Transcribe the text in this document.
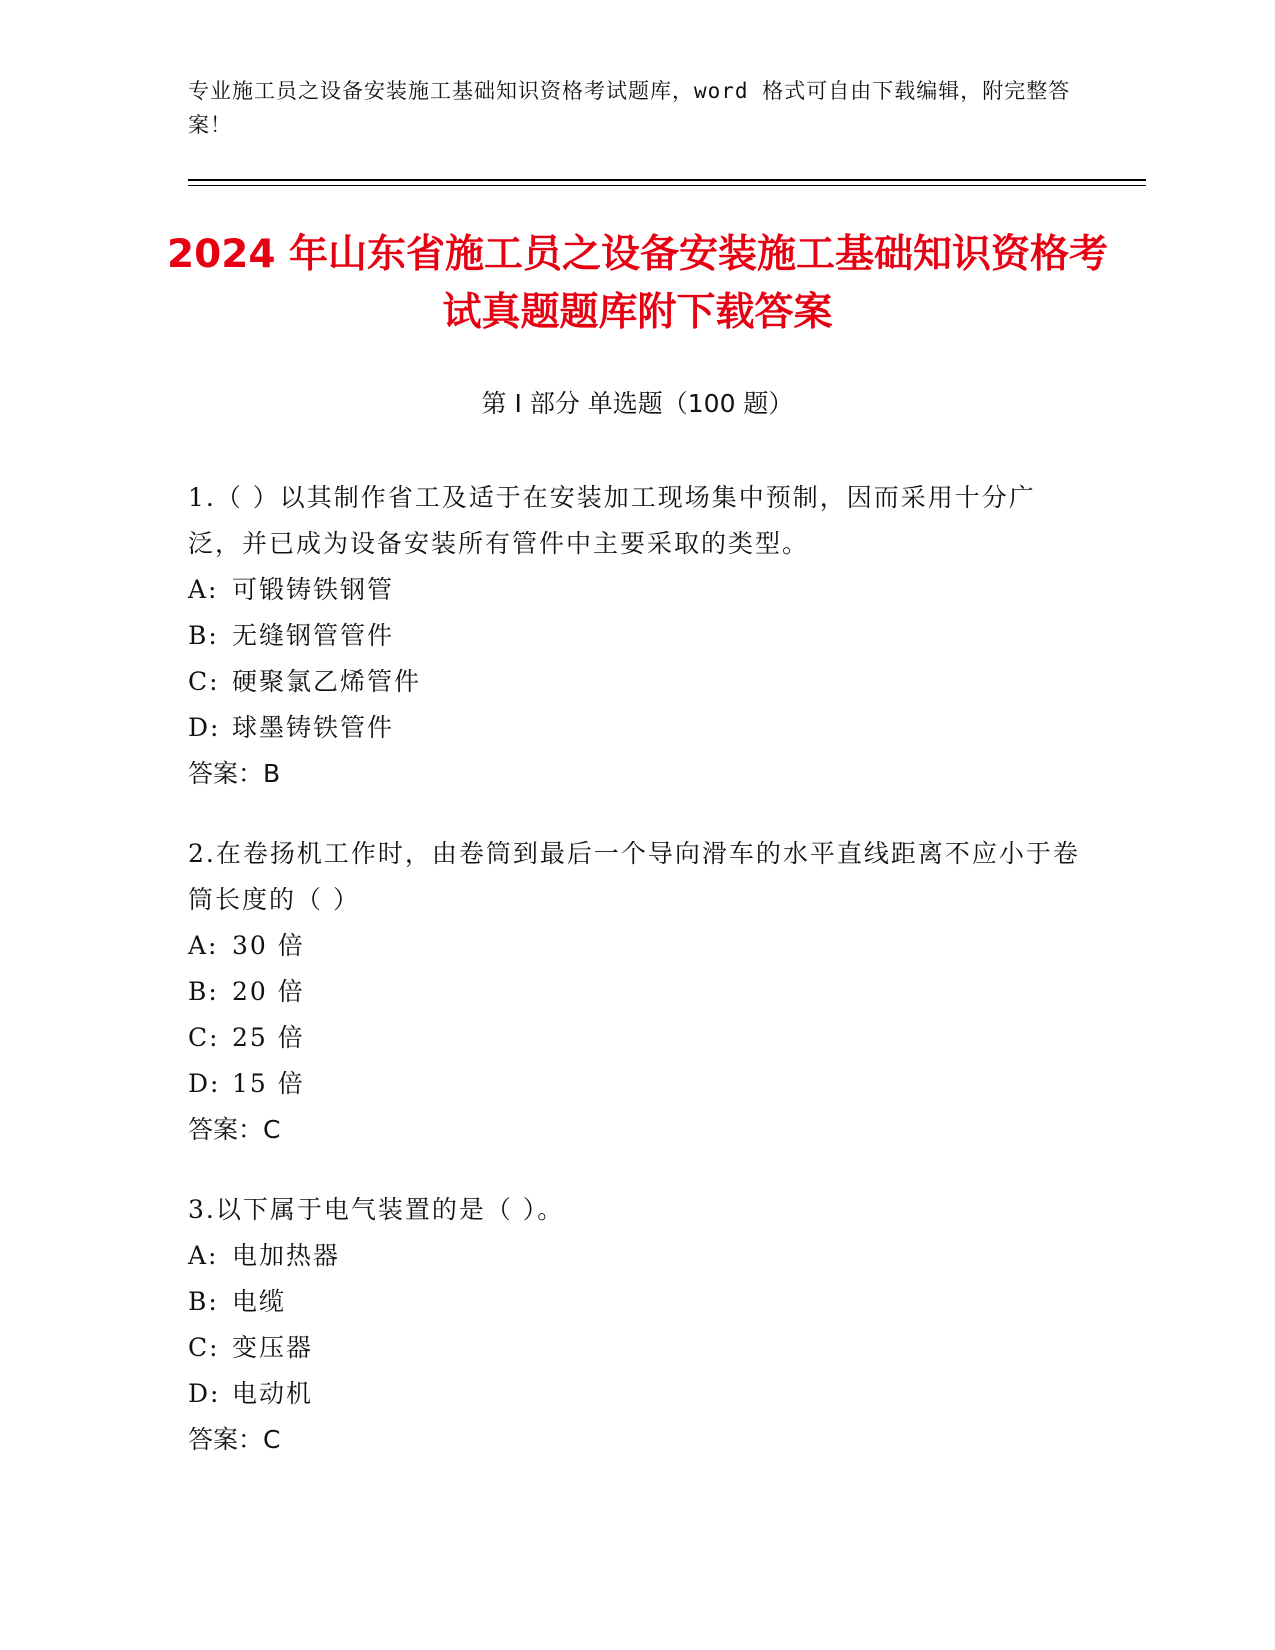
专业施工员之设备安装施工基础知识资格考试题库，word 格式可自由下载编辑，附完整答案！
2024 年山东省施工员之设备安装施工基础知识资格考试真题题库附下载答案
第 I 部分 单选题（100 题）

1.（ ）以其制作省工及适于在安装加工现场集中预制，因而采用十分广泛，并已成为设备安装所有管件中主要采取的类型。

A: 可锻铸铁钢管

B: 无缝钢管管件

C: 硬聚氯乙烯管件

D: 球墨铸铁管件

答案：B

2.在卷扬机工作时，由卷筒到最后一个导向滑车的水平直线距离不应小于卷筒长度的（ ）

A: 30 倍

B: 20 倍

C: 25 倍

D: 15 倍

答案：C

3.以下属于电气装置的是（ ）。

A: 电加热器

B: 电缆

C: 变压器

D: 电动机

答案：C
